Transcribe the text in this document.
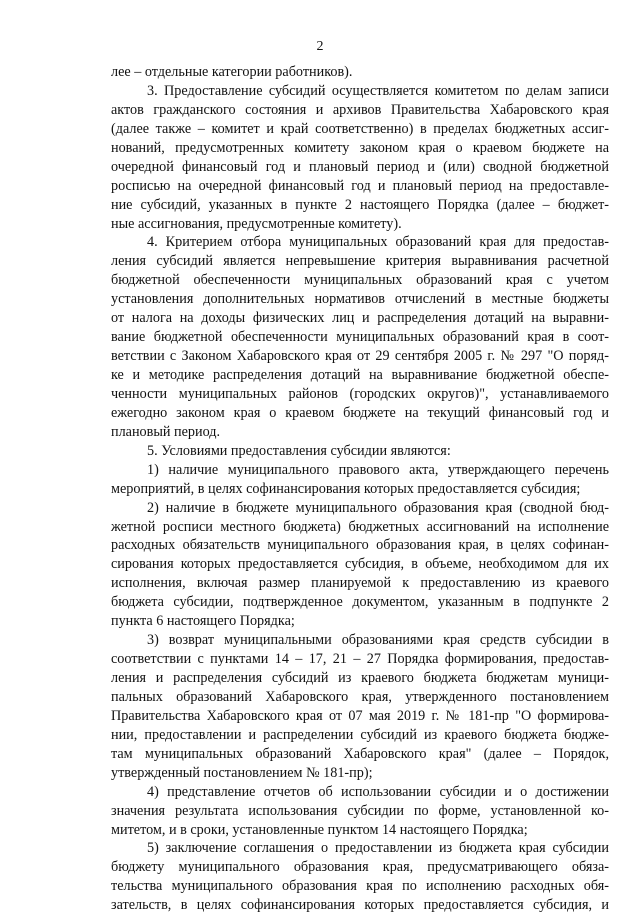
2
лее – отдельные категории работников).
3. Предоставление субсидий осуществляется комитетом по делам записи
актов гражданского состояния и архивов Правительства Хабаровского края
(далее также – комитет и край соответственно) в пределах бюджетных ассиг-
нований, предусмотренных комитету законом края о краевом бюджете на
очередной финансовый год и плановый период и (или) сводной бюджетной
росписью на очередной финансовый год и плановый период на предоставле-
ние субсидий, указанных в пункте 2 настоящего Порядка (далее – бюджет-
ные ассигнования, предусмотренные комитету).
4. Критерием отбора муниципальных образований края для предостав-
ления субсидий является непревышение критерия выравнивания расчетной
бюджетной обеспеченности муниципальных образований края с учетом
установления дополнительных нормативов отчислений в местные бюджеты
от налога на доходы физических лиц и распределения дотаций на выравни-
вание бюджетной обеспеченности муниципальных образований края в соот-
ветствии с Законом Хабаровского края от 29 сентября 2005 г. № 297 "О поряд-
ке и методике распределения дотаций на выравнивание бюджетной обеспе-
ченности муниципальных районов (городских округов)", устанавливаемого
ежегодно законом края о краевом бюджете на текущий финансовый год и
плановый период.
5. Условиями предоставления субсидии являются:
1) наличие муниципального правового акта, утверждающего перечень
мероприятий, в целях софинансирования которых предоставляется субсидия;
2) наличие в бюджете муниципального образования края (сводной бюд-
жетной росписи местного бюджета) бюджетных ассигнований на исполнение
расходных обязательств муниципального образования края, в целях софинан-
сирования которых предоставляется субсидия, в объеме, необходимом для их
исполнения, включая размер планируемой к предоставлению из краевого
бюджета субсидии, подтвержденное документом, указанным в подпункте 2
пункта 6 настоящего Порядка;
3) возврат муниципальными образованиями края средств субсидии в
соответствии с пунктами 14 – 17, 21 – 27 Порядка формирования, предостав-
ления и распределения субсидий из краевого бюджета бюджетам муници-
пальных образований Хабаровского края, утвержденного постановлением
Правительства Хабаровского края от 07 мая 2019 г. № 181-пр "О формирова-
нии, предоставлении и распределении субсидий из краевого бюджета бюдже-
там муниципальных образований Хабаровского края" (далее – Порядок,
утвержденный постановлением № 181-пр);
4) представление отчетов об использовании субсидии и о достижении
значения результата использования субсидии по форме, установленной ко-
митетом, и в сроки, установленные пунктом 14 настоящего Порядка;
5) заключение соглашения о предоставлении из бюджета края субсидии
бюджету муниципального образования края, предусматривающего обяза-
тельства муниципального образования края по исполнению расходных обя-
зательств, в целях софинансирования которых предоставляется субсидия, и
